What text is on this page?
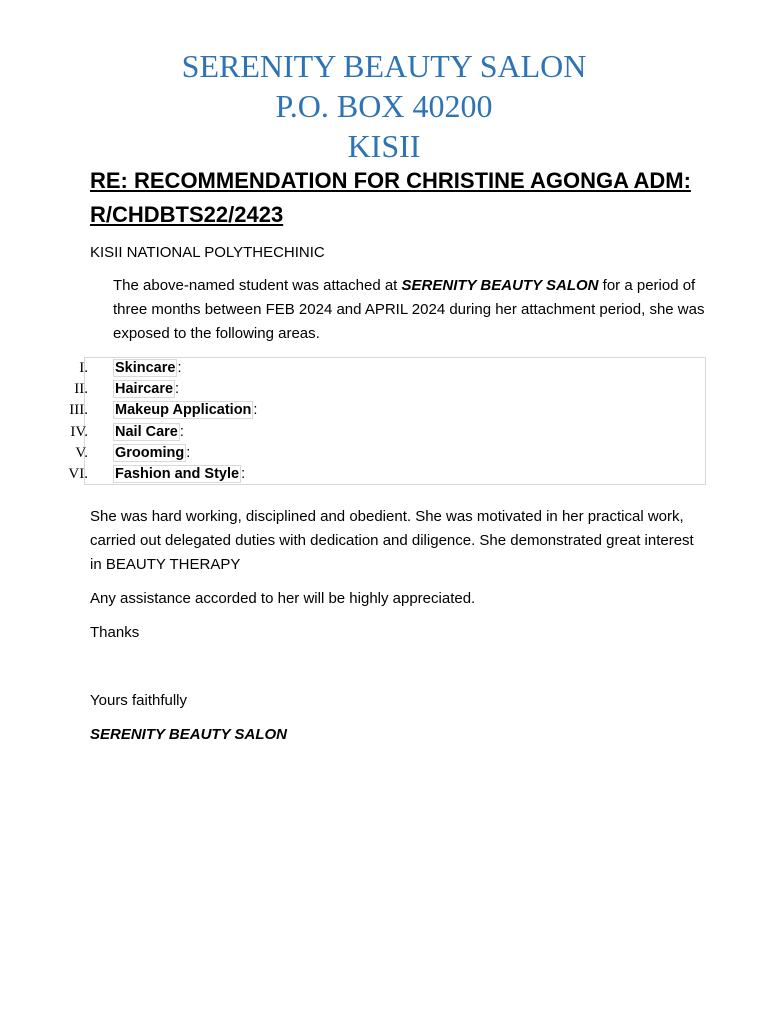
SERENITY BEAUTY SALON
P.O. BOX 40200
KISII
RE: RECOMMENDATION FOR CHRISTINE AGONGA ADM: R/CHDBTS22/2423
KISII NATIONAL POLYTHECHINIC
The above-named student was attached at SERENITY BEAUTY SALON for a period of three months between FEB 2024 and APRIL 2024 during her attachment period, she was exposed to the following areas.
I. Skincare :
II. Haircare :
III. Makeup Application :
IV. Nail Care :
V. Grooming :
VI. Fashion and Style :
She was hard working, disciplined and obedient. She was motivated in her practical work, carried out delegated duties with dedication and diligence. She demonstrated great interest in BEAUTY THERAPY
Any assistance accorded to her will be highly appreciated.
Thanks
Yours faithfully
SERENITY BEAUTY SALON
